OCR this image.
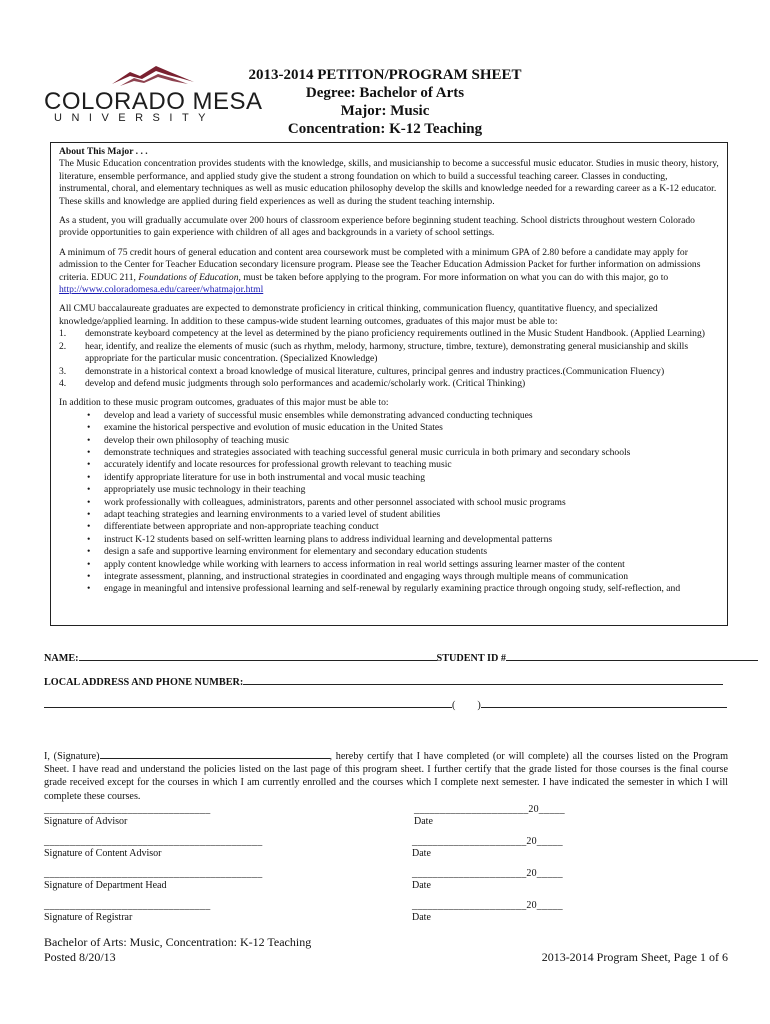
COLORADO MESA
UNIVERSITY
2013-2014 PETITON/PROGRAM SHEET
Degree: Bachelor of Arts
Major: Music
Concentration: K-12 Teaching

About This Major . . .

The Music Education concentration provides students with the knowledge, skills, and musicianship to become a successful music educator. Studies in music theory, history, literature, ensemble performance, and applied study give the student a strong foundation on which to build a successful teaching career. Classes in conducting, instrumental, choral, and elementary techniques as well as music education philosophy develop the skills and knowledge needed for a rewarding career as a K-12 educator. These skills and knowledge are applied during field experiences as well as during the student teaching internship.

As a student, you will gradually accumulate over 200 hours of classroom experience before beginning student teaching. School districts throughout western Colorado provide opportunities to gain experience with children of all ages and backgrounds in a variety of school settings.

A minimum of 75 credit hours of general education and content area coursework must be completed with a minimum GPA of 2.80 before a candidate may apply for admission to the Center for Teacher Education secondary licensure program. Please see the Teacher Education Admission Packet for further information on admissions criteria. EDUC 211, Foundations of Education, must be taken before applying to the program. For more information on what you can do with this major, go to http://www.coloradomesa.edu/career/whatmajor.html

All CMU baccalaureate graduates are expected to demonstrate proficiency in critical thinking, communication fluency, quantitative fluency, and specialized knowledge/applied learning. In addition to these campus-wide student learning outcomes, graduates of this major must be able to:

1. demonstrate keyboard competency at the level as determined by the piano proficiency requirements outlined in the Music Student Handbook. (Applied Learning)
2. hear, identify, and realize the elements of music (such as rhythm, melody, harmony, structure, timbre, texture), demonstrating general musicianship and skills appropriate for the particular music concentration. (Specialized Knowledge)
3. demonstrate in a historical context a broad knowledge of musical literature, cultures, principal genres and industry practices.(Communication Fluency)
4. develop and defend music judgments through solo performances and academic/scholarly work. (Critical Thinking)

In addition to these music program outcomes, graduates of this major must be able to:

• develop and lead a variety of successful music ensembles while demonstrating advanced conducting techniques
• examine the historical perspective and evolution of music education in the United States
• develop their own philosophy of teaching music
• demonstrate techniques and strategies associated with teaching successful general music curricula in both primary and secondary schools
• accurately identify and locate resources for professional growth relevant to teaching music
• identify appropriate literature for use in both instrumental and vocal music teaching
• appropriately use music technology in their teaching
• work professionally with colleagues, administrators, parents and other personnel associated with school music programs
• adapt teaching strategies and learning environments to a varied level of student abilities
• differentiate between appropriate and non-appropriate teaching conduct
• instruct K-12 students based on self-written learning plans to address individual learning and developmental patterns
• design a safe and supportive learning environment for elementary and secondary education students
• apply content knowledge while working with learners to access information in real world settings assuring learner master of the content
• integrate assessment, planning, and instructional strategies in coordinated and engaging ways through multiple means of communication
• engage in meaningful and intensive professional learning and self-renewal by regularly examining practice through ongoing study, self-reflection, and
NAME:	STUDENT ID #
LOCAL ADDRESS AND PHONE NUMBER:
( )
I, (Signature)	, hereby certify that I have completed (or will complete) all the courses listed on the Program Sheet. I have read and understand the policies listed on the last page of this program sheet. I further certify that the grade listed for those courses is the final course grade received except for the courses in which I am currently enrolled and the courses which I complete next semester. I have indicated the semester in which I will complete these courses.
________________________________
Signature of Advisor
______________________20_____
Date
__________________________________________
Signature of Content Advisor
______________________20_____
Date
__________________________________________
Signature of Department Head
______________________20_____
Date
________________________________
Signature of Registrar
______________________20_____
Date
Bachelor of Arts: Music, Concentration: K-12 Teaching
Posted 8/20/13	2013-2014 Program Sheet, Page 1 of 6
